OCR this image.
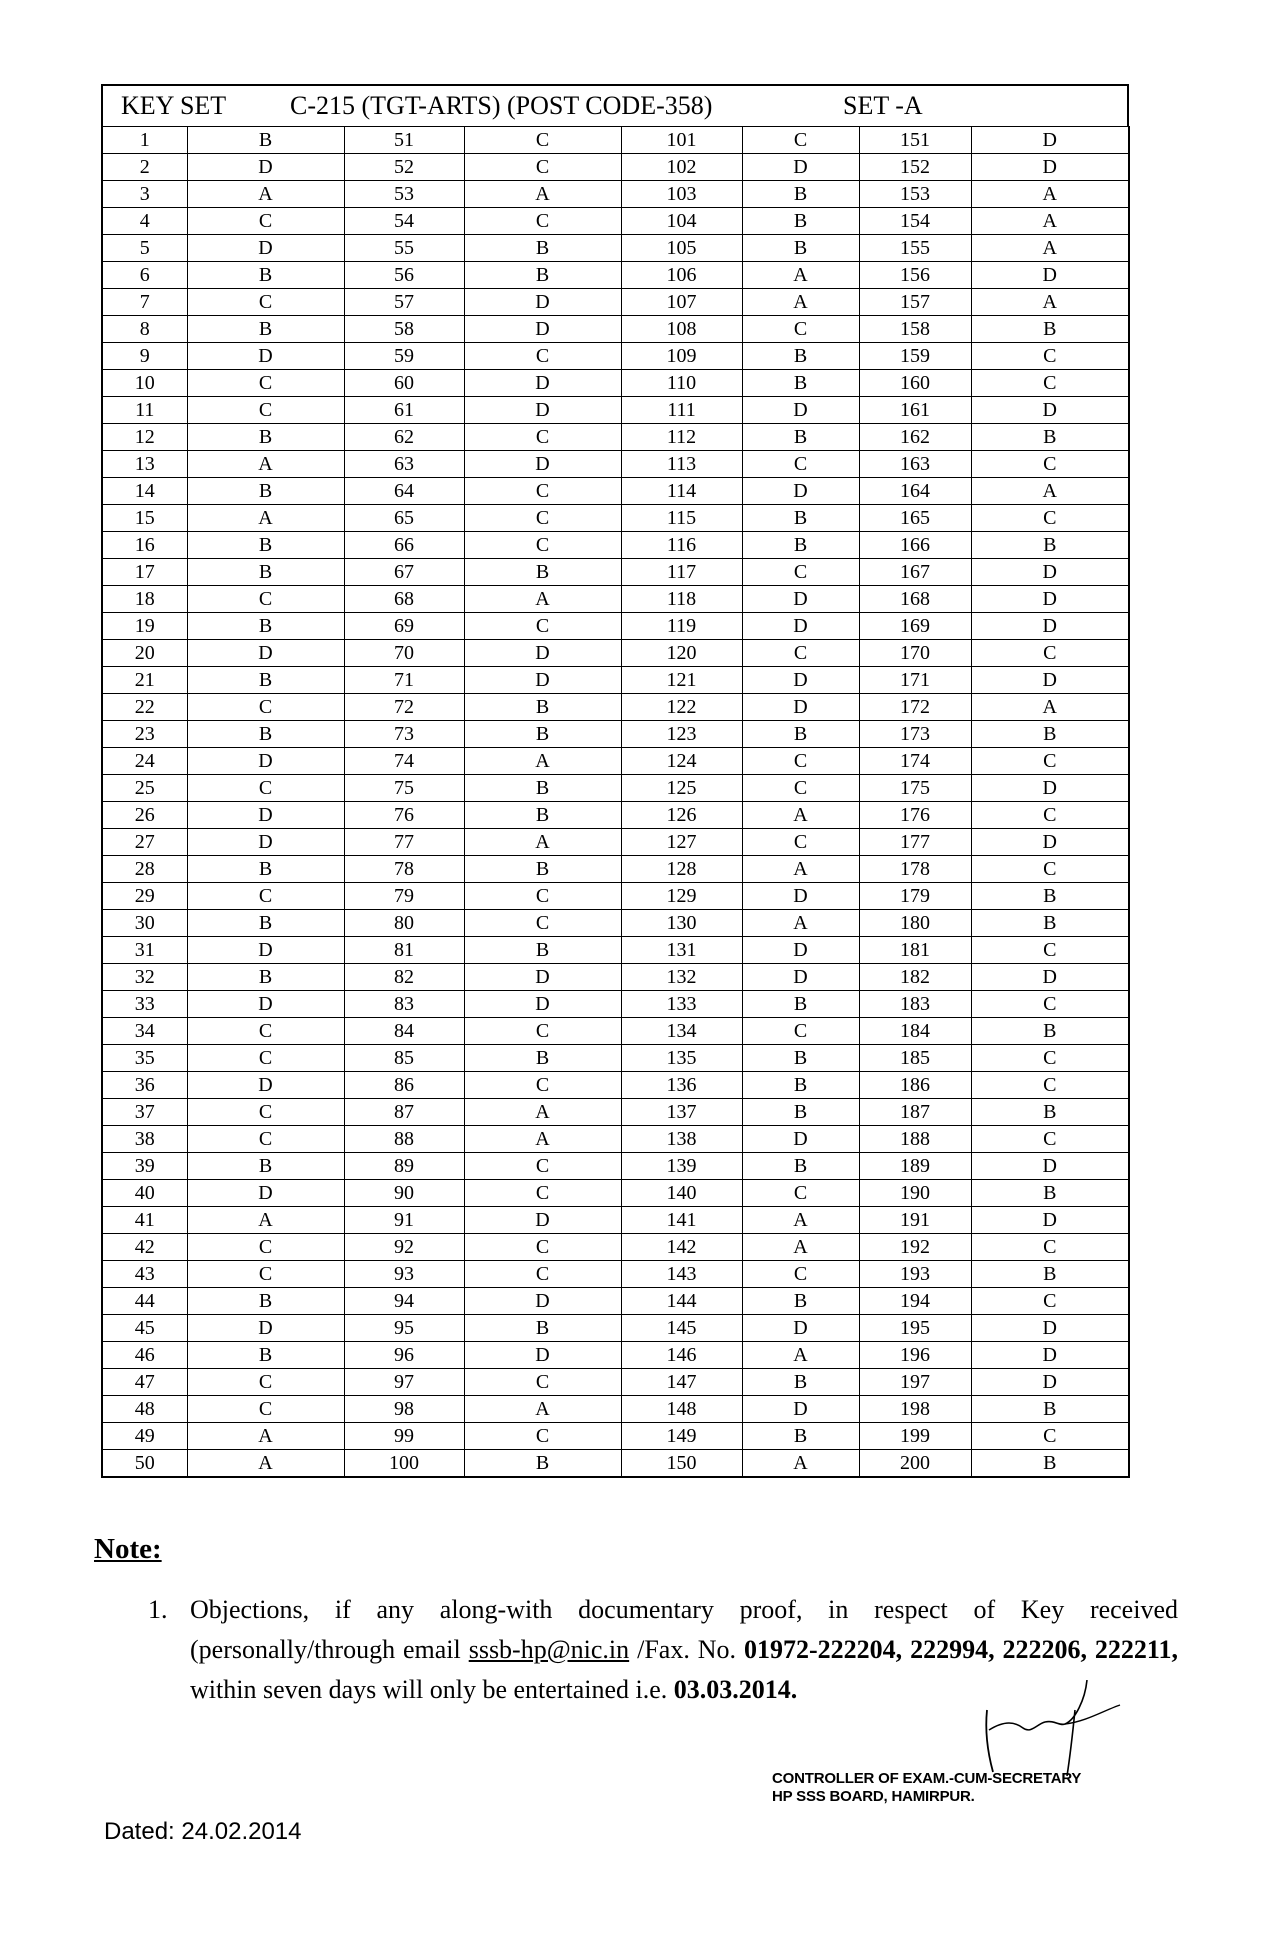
KEY SET C-215 (TGT-ARTS) (POST CODE-358)	SET -A
1	B	51	C	101	C	151	D
2	D	52	C	102	D	152	D
3	A	53	A	103	B	153	A
4	C	54	C	104	B	154	A
5	D	55	B	105	B	155	A
6	B	56	B	106	A	156	D
7	C	57	D	107	A	157	A
8	B	58	D	108	C	158	B
9	D	59	C	109	B	159	C
10	C	60	D	110	B	160	C
11	C	61	D	111	D	161	D
12	B	62	C	112	B	162	B
13	A	63	D	113	C	163	C
14	B	64	C	114	D	164	A
15	A	65	C	115	B	165	C
16	B	66	C	116	B	166	B
17	B	67	B	117	C	167	D
18	C	68	A	118	D	168	D
19	B	69	C	119	D	169	D
20	D	70	D	120	C	170	C
21	B	71	D	121	D	171	D
22	C	72	B	122	D	172	A
23	B	73	B	123	B	173	B
24	D	74	A	124	C	174	C
25	C	75	B	125	C	175	D
26	D	76	B	126	A	176	C
27	D	77	A	127	C	177	D
28	B	78	B	128	A	178	C
29	C	79	C	129	D	179	B
30	B	80	C	130	A	180	B
31	D	81	B	131	D	181	C
32	B	82	D	132	D	182	D
33	D	83	D	133	B	183	C
34	C	84	C	134	C	184	B
35	C	85	B	135	B	185	C
36	D	86	C	136	B	186	C
37	C	87	A	137	B	187	B
38	C	88	A	138	D	188	C
39	B	89	C	139	B	189	D
40	D	90	C	140	C	190	B
41	A	91	D	141	A	191	D
42	C	92	C	142	A	192	C
43	C	93	C	143	C	193	B
44	B	94	D	144	B	194	C
45	D	95	B	145	D	195	D
46	B	96	D	146	A	196	D
47	C	97	C	147	B	197	D
48	C	98	A	148	D	198	B
49	A	99	C	149	B	199	C
50	A	100	B	150	A	200	B
Note:
1. Objections, if any along-with documentary proof, in respect of Key received (personally/through email sssb-hp@nic.in /Fax. No. 01972-222204, 222994, 222206, 222211, within seven days will only be entertained i.e. 03.03.2014.
CONTROLLER OF EXAM.-CUM-SECRETARY
HP SSS BOARD, HAMIRPUR.
Dated: 24.02.2014
